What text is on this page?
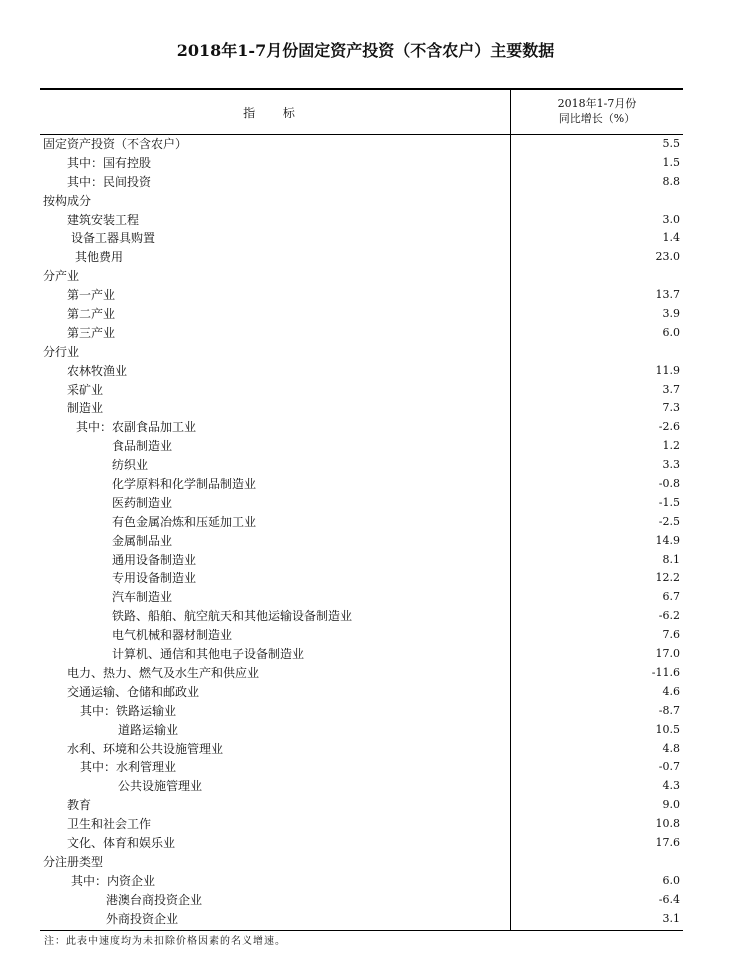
2018年1-7月份固定资产投资（不含农户）主要数据
指 标
2018年1-7月份
同比增长（%）
固定资产投资（不含农户）	5.5
其中：国有控股	1.5
其中：民间投资	8.8
按构成分
建筑安装工程	3.0
设备工器具购置	1.4
其他费用	23.0
分产业
第一产业	13.7
第二产业	3.9
第三产业	6.0
分行业
农林牧渔业	11.9
采矿业	3.7
制造业	7.3
其中：农副食品加工业	-2.6
食品制造业	1.2
纺织业	3.3
化学原料和化学制品制造业	-0.8
医药制造业	-1.5
有色金属冶炼和压延加工业	-2.5
金属制品业	14.9
通用设备制造业	8.1
专用设备制造业	12.2
汽车制造业	6.7
铁路、船舶、航空航天和其他运输设备制造业	-6.2
电气机械和器材制造业	7.6
计算机、通信和其他电子设备制造业	17.0
电力、热力、燃气及水生产和供应业	-11.6
交通运输、仓储和邮政业	4.6
其中：铁路运输业	-8.7
道路运输业	10.5
水利、环境和公共设施管理业	4.8
其中：水利管理业	-0.7
公共设施管理业	4.3
教育	9.0
卫生和社会工作	10.8
文化、体育和娱乐业	17.6
分注册类型
其中：内资企业	6.0
港澳台商投资企业	-6.4
外商投资企业	3.1
注：此表中速度均为未扣除价格因素的名义增速。
